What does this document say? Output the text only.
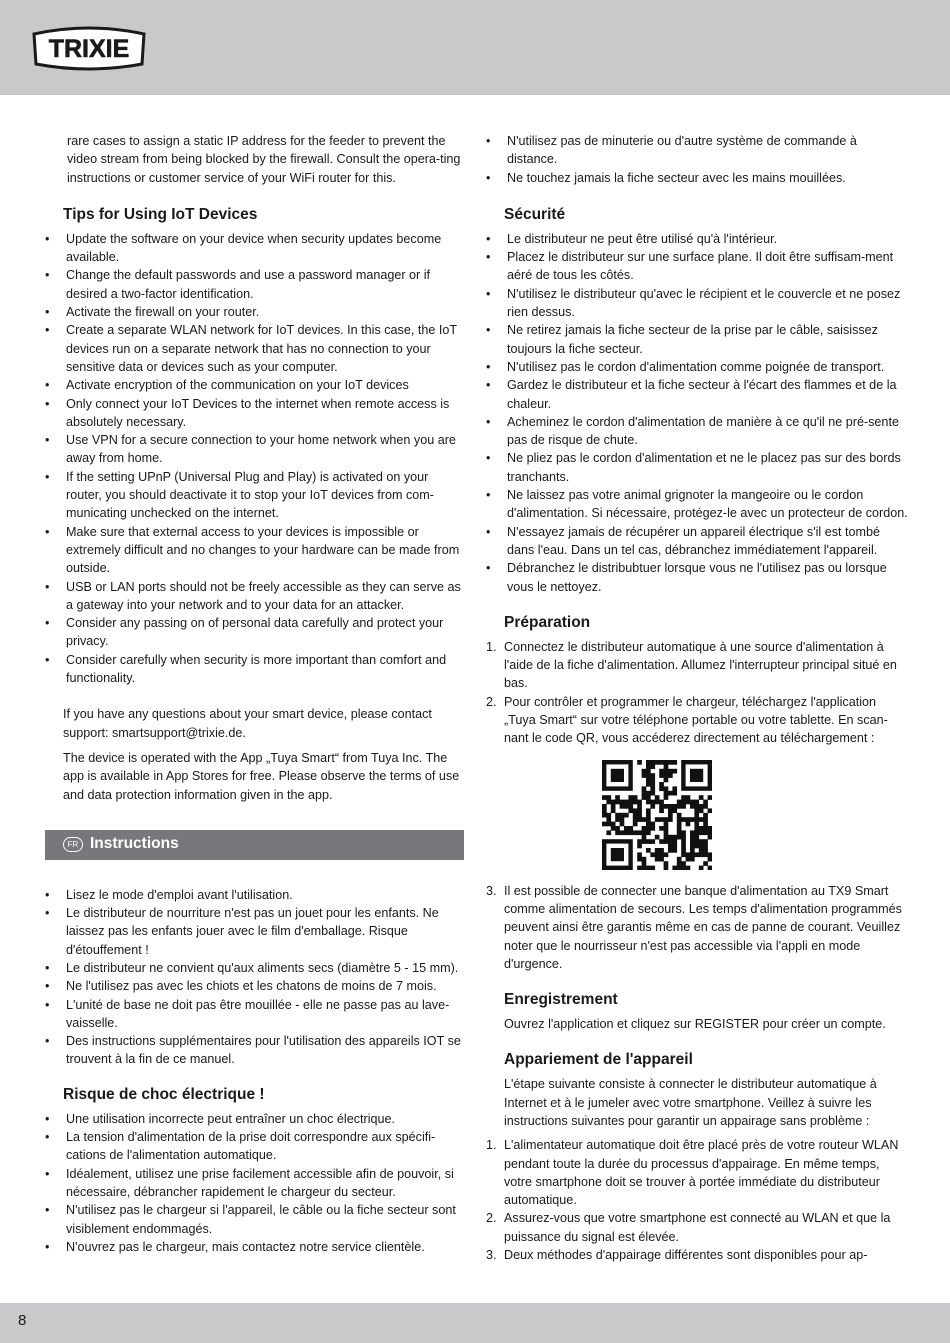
TRIXIE

rare cases to assign a static IP address for the feeder to prevent the video stream from being blocked by the firewall. Consult the opera-ting instructions or customer service of your WiFi router for this.

Tips for Using IoT Devices
• Update the software on your device when security updates become available.
• Change the default passwords and use a password manager or if desired a two-factor identification.
• Activate the firewall on your router.
• Create a separate WLAN network for IoT devices. In this case, the IoT devices run on a separate network that has no connection to your sensitive data or devices such as your computer.
• Activate encryption of the communication on your IoT devices
• Only connect your IoT Devices to the internet when remote access is absolutely necessary.
• Use VPN for a secure connection to your home network when you are away from home.
• If the setting UPnP (Universal Plug and Play) is activated on your router, you should deactivate it to stop your IoT devices from com-municating unchecked on the internet.
• Make sure that external access to your devices is impossible or extremely difficult and no changes to your hardware can be made from outside.
• USB or LAN ports should not be freely accessible as they can serve as a gateway into your network and to your data for an attacker.
• Consider any passing on of personal data carefully and protect your privacy.
• Consider carefully when security is more important than comfort and functionality.

If you have any questions about your smart device, please contact support: smartsupport@trixie.de.

The device is operated with the App „Tuya Smart“ from Tuya Inc. The app is available in App Stores for free. Please observe the terms of use and data protection information given in the app.

FR Instructions
• Lisez le mode d'emploi avant l'utilisation.
• Le distributeur de nourriture n'est pas un jouet pour les enfants. Ne laissez pas les enfants jouer avec le film d'emballage. Risque d'étouffement !
• Le distributeur ne convient qu'aux aliments secs (diamètre 5 - 15 mm).
• Ne l'utilisez pas avec les chiots et les chatons de moins de 7 mois.
• L'unité de base ne doit pas être mouillée - elle ne passe pas au lave-vaisselle.
• Des instructions supplémentaires pour l'utilisation des appareils IOT se trouvent à la fin de ce manuel.
Risque de choc électrique !
• Une utilisation incorrecte peut entraîner un choc électrique.
• La tension d'alimentation de la prise doit correspondre aux spécifi-cations de l'alimentation automatique.
• Idéalement, utilisez une prise facilement accessible afin de pouvoir, si nécessaire, débrancher rapidement le chargeur du secteur.
• N'utilisez pas le chargeur si l'appareil, le câble ou la fiche secteur sont visiblement endommagés.
• N'ouvrez pas le chargeur, mais contactez notre service clientèle.
• N'utilisez pas de minuterie ou d'autre système de commande à distance.
• Ne touchez jamais la fiche secteur avec les mains mouillées.
Sécurité
• Le distributeur ne peut être utilisé qu'à l'intérieur.
• Placez le distributeur sur une surface plane. Il doit être suffisam-ment aéré de tous les côtés.
• N'utilisez le distributeur qu'avec le récipient et le couvercle et ne posez rien dessus.
• Ne retirez jamais la fiche secteur de la prise par le câble, saisissez toujours la fiche secteur.
• N'utilisez pas le cordon d'alimentation comme poignée de transport.
• Gardez le distributeur et la fiche secteur à l'écart des flammes et de la chaleur.
• Acheminez le cordon d'alimentation de manière à ce qu'il ne pré-sente pas de risque de chute.
• Ne pliez pas le cordon d'alimentation et ne le placez pas sur des bords tranchants.
• Ne laissez pas votre animal grignoter la mangeoire ou le cordon d'alimentation. Si nécessaire, protégez-le avec un protecteur de cordon.
• N'essayez jamais de récupérer un appareil électrique s'il est tombé dans l'eau. Dans un tel cas, débranchez immédiatement l'appareil.
• Débranchez le distribubtuer lorsque vous ne l'utilisez pas ou lorsque vous le nettoyez.
Préparation
1. Connectez le distributeur automatique à une source d'alimentation à l'aide de la fiche d'alimentation. Allumez l'interrupteur principal situé en bas.
2. Pour contrôler et programmer le chargeur, téléchargez l'application „Tuya Smart“ sur votre téléphone portable ou votre tablette. En scan-nant le code QR, vous accéderez directement au téléchargement :
3. Il est possible de connecter une banque d'alimentation au TX9 Smart comme alimentation de secours. Les temps d'alimentation programmés peuvent ainsi être garantis même en cas de panne de courant. Veuillez noter que le nourrisseur n'est pas accessible via l'appli en mode d'urgence.
Enregistrement

Ouvrez l'application et cliquez sur REGISTER pour créer un compte.

Appariement de l'appareil

L'étape suivante consiste à connecter le distributeur automatique à Internet et à le jumeler avec votre smartphone. Veillez à suivre les instructions suivantes pour garantir un appairage sans problème :

1. L'alimentateur automatique doit être placé près de votre routeur WLAN pendant toute la durée du processus d'appairage. En même temps, votre smartphone doit se trouver à portée immédiate du distributeur automatique.
2. Assurez-vous que votre smartphone est connecté au WLAN et que la puissance du signal est élevée.
3. Deux méthodes d'appairage différentes sont disponibles pour ap-
8
